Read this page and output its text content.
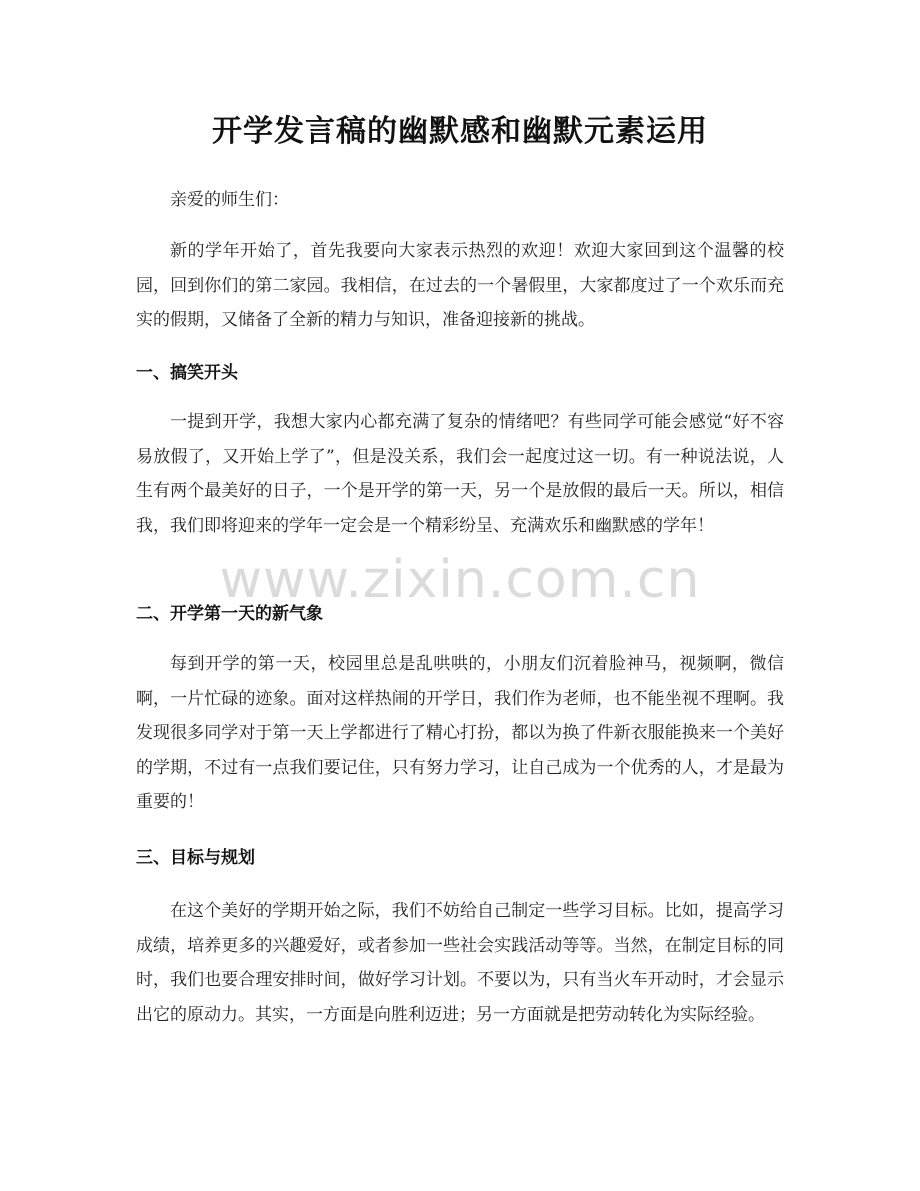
开学发言稿的幽默感和幽默元素运用

亲爱的师生们：

新的学年开始了，首先我要向大家表示热烈的欢迎！欢迎大家回到这个温馨的校园，回到你们的第二家园。我相信，在过去的一个暑假里，大家都度过了一个欢乐而充实的假期，又储备了全新的精力与知识，准备迎接新的挑战。

一、搞笑开头

一提到开学，我想大家内心都充满了复杂的情绪吧？有些同学可能会感觉“好不容易放假了，又开始上学了”，但是没关系，我们会一起度过这一切。有一种说法说，人生有两个最美好的日子，一个是开学的第一天，另一个是放假的最后一天。所以，相信我，我们即将迎来的学年一定会是一个精彩纷呈、充满欢乐和幽默感的学年！

二、开学第一天的新气象

每到开学的第一天，校园里总是乱哄哄的，小朋友们沉着脸神马，视频啊，微信啊，一片忙碌的迹象。面对这样热闹的开学日，我们作为老师，也不能坐视不理啊。我发现很多同学对于第一天上学都进行了精心打扮，都以为换了件新衣服能换来一个美好的学期，不过有一点我们要记住，只有努力学习，让自己成为一个优秀的人，才是最为重要的！

三、目标与规划

在这个美好的学期开始之际，我们不妨给自己制定一些学习目标。比如，提高学习成绩，培养更多的兴趣爱好，或者参加一些社会实践活动等等。当然，在制定目标的同时，我们也要合理安排时间，做好学习计划。不要以为，只有当火车开动时，才会显示出它的原动力。其实，一方面是向胜利迈进；另一方面就是把劳动转化为实际经验。

www.zixin.com.cn
